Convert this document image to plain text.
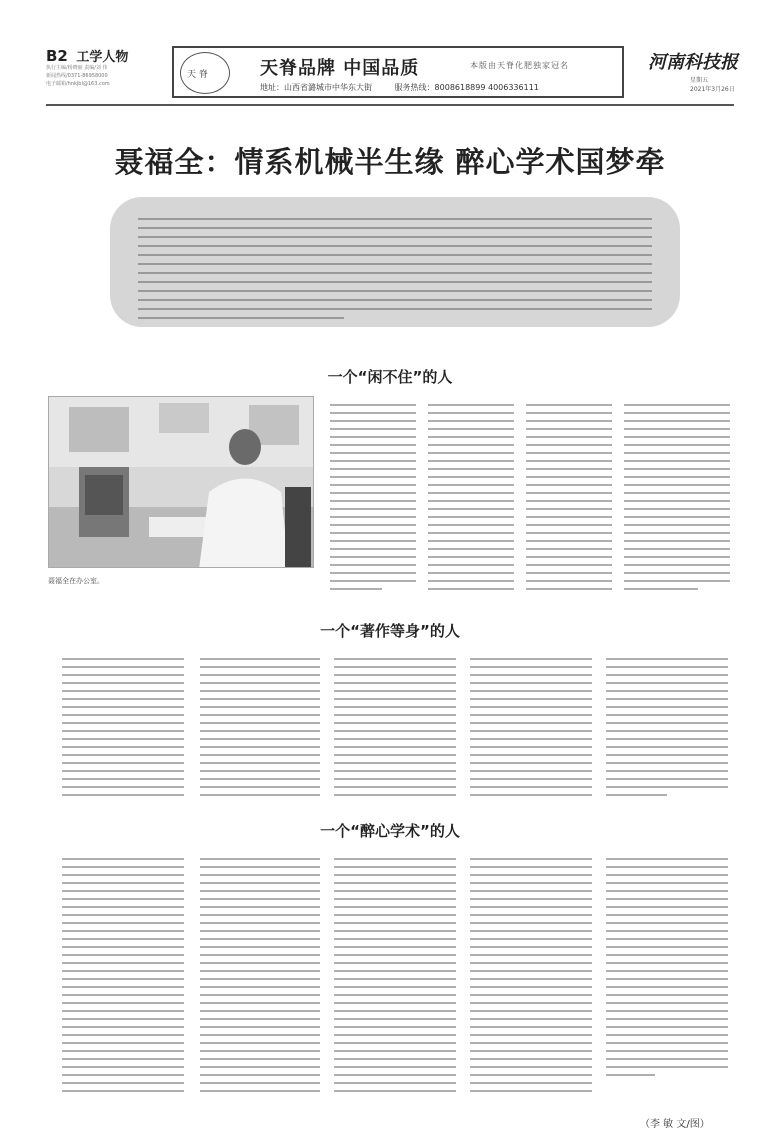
B2 工学人物
执行主编/杨晓丽 责编/刘 伟
新闻热线/0371-86958000
电子邮箱/hnkjbl@163.com
天 脊	天脊品牌 中国品质	本版由天脊化肥独家冠名
地址：山西省潞城市中华东大街	服务热线：8008618899 4006336111
河南科技报
星期五
2021年3月26日
聂福全：情系机械半生缘 醉心学术国梦牵
一个“闲不住”的人
聂福全在办公室。
一个“著作等身”的人
一个“醉心学术”的人
（李 敏 文/图）
